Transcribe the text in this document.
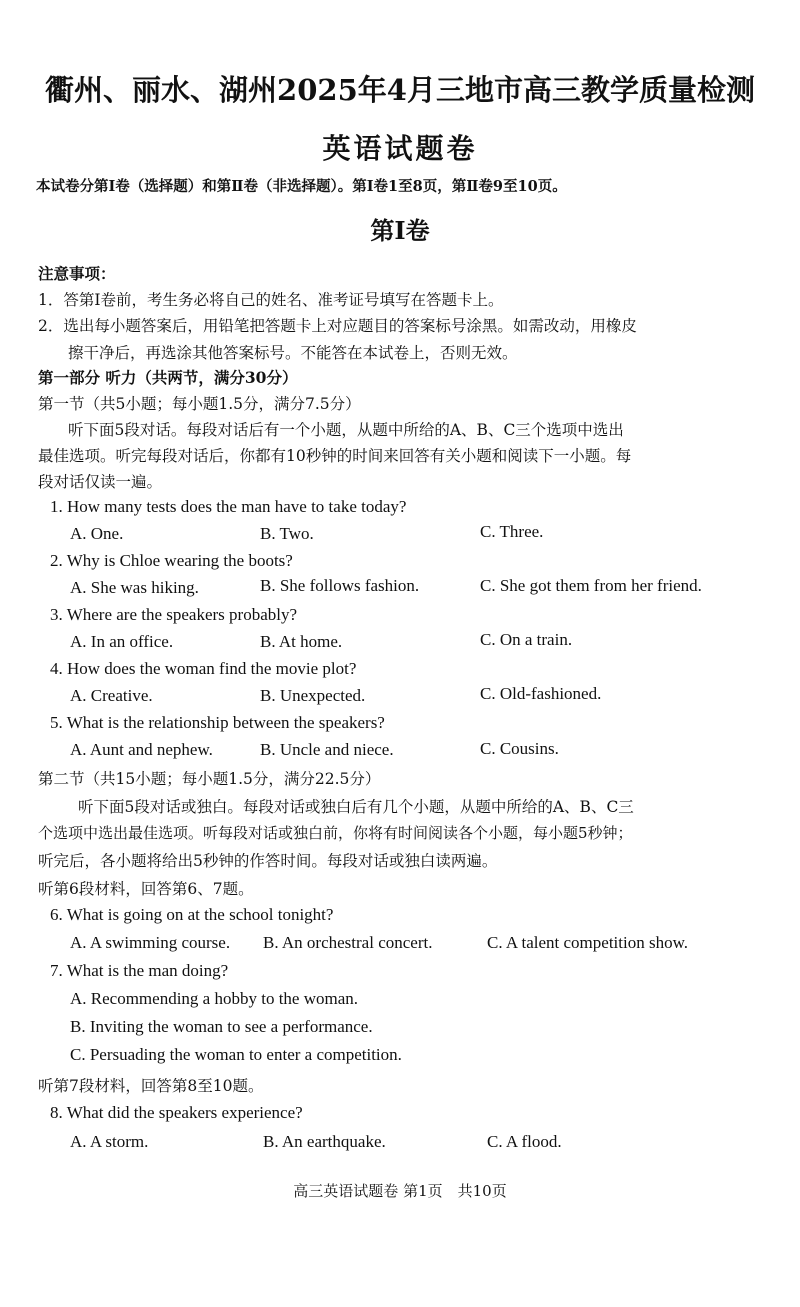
衢州、丽水、湖州2025年4月三地市高三教学质量检测
英语试题卷
本试卷分第Ⅰ卷（选择题）和第Ⅱ卷（非选择题）。第Ⅰ卷1至8页，第Ⅱ卷9至10页。
第Ⅰ卷
注意事项：
1．答第Ⅰ卷前，考生务必将自己的姓名、准考证号填写在答题卡上。
2．选出每小题答案后，用铅笔把答题卡上对应题目的答案标号涂黑。如需改动，用橡皮
擦干净后，再选涂其他答案标号。不能答在本试卷上，否则无效。
第一部分 听力（共两节，满分30分）
第一节（共5小题；每小题1.5分，满分7.5分）
听下面5段对话。每段对话后有一个小题，从题中所给的A、B、C三个选项中选出
最佳选项。听完每段对话后，你都有10秒钟的时间来回答有关小题和阅读下一小题。每
段对话仅读一遍。
1. How many tests does the man have to take today?
A. One.	B. Two.	C. Three.
2. Why is Chloe wearing the boots?
A. She was hiking.	B. She follows fashion.	C. She got them from her friend.
3. Where are the speakers probably?
A. In an office.	B. At home.	C. On a train.
4. How does the woman find the movie plot?
A. Creative.	B. Unexpected.	C. Old-fashioned.
5. What is the relationship between the speakers?
A. Aunt and nephew.	B. Uncle and niece.	C. Cousins.
第二节（共15小题；每小题1.5分，满分22.5分）
听下面5段对话或独白。每段对话或独白后有几个小题，从题中所给的A、B、C三
个选项中选出最佳选项。听每段对话或独白前，你将有时间阅读各个小题，每小题5秒钟；
听完后，各小题将给出5秒钟的作答时间。每段对话或独白读两遍。
听第6段材料，回答第6、7题。
6. What is going on at the school tonight?
A. A swimming course. B. An orchestral concert.	C. A talent competition show.
7. What is the man doing?
A. Recommending a hobby to the woman.
B. Inviting the woman to see a performance.
C. Persuading the woman to enter a competition.
听第7段材料，回答第8至10题。
8. What did the speakers experience?
A. A storm.	B. An earthquake.	C. A flood.
高三英语试题卷 第1页　共10页
